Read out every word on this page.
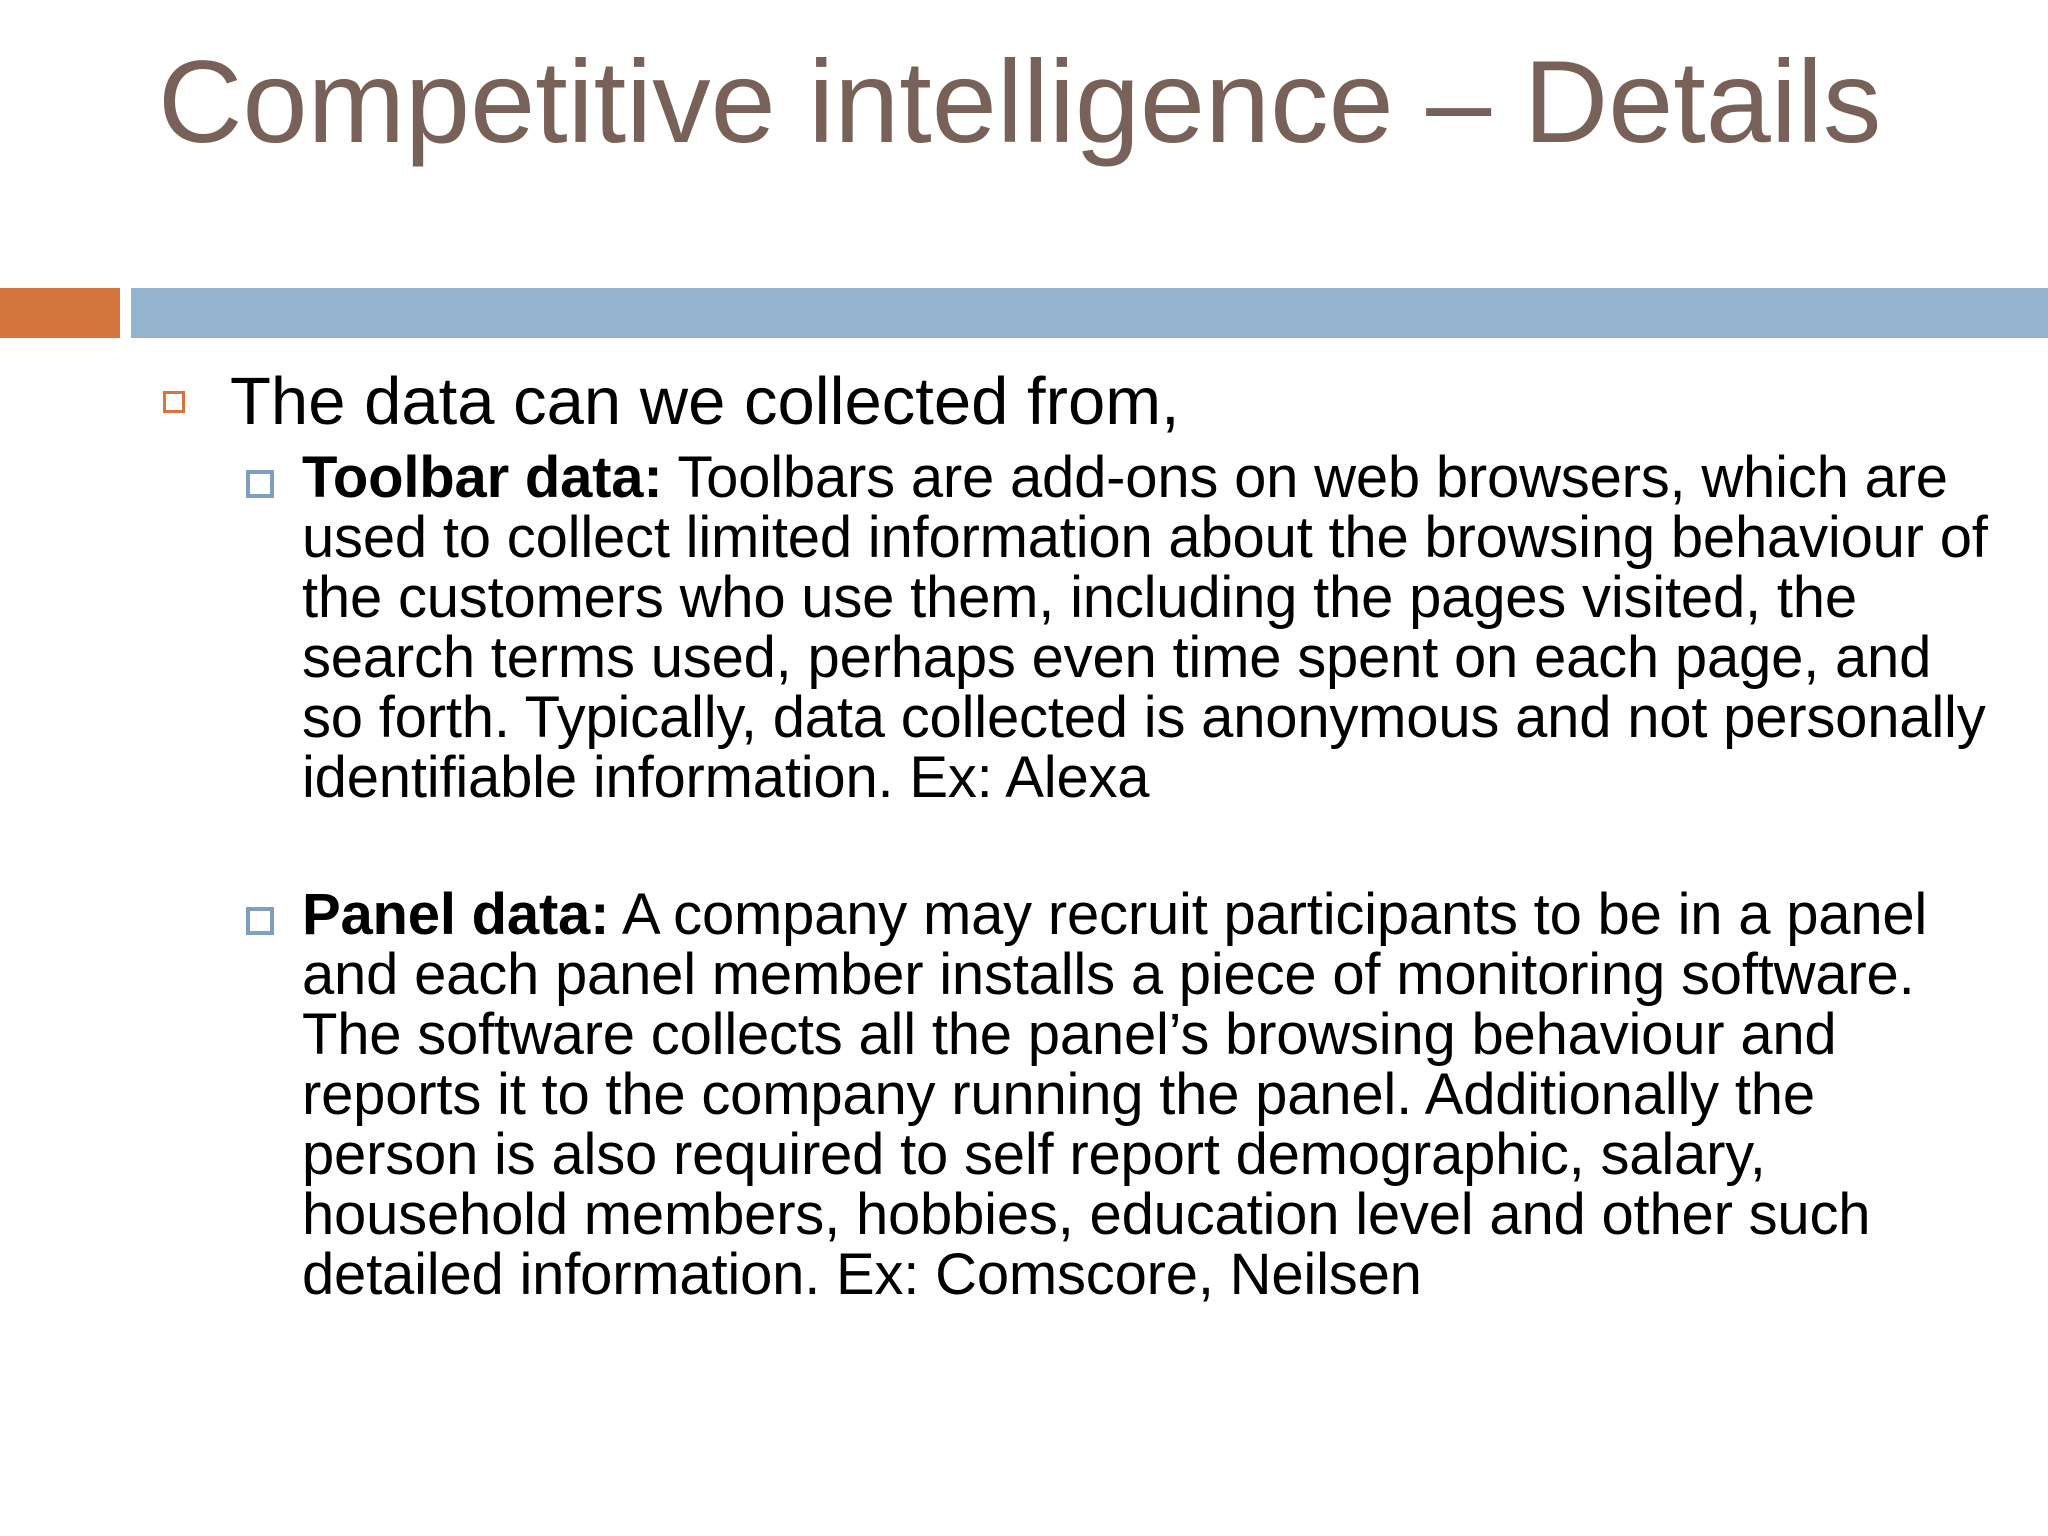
Competitive intelligence – Details

The data can we collected from,

Toolbar data: Toolbars are add-ons on web browsers, which are used to collect limited information about the browsing behaviour of the customers who use them, including the pages visited, the search terms used, perhaps even time spent on each page, and so forth. Typically, data collected is anonymous and not personally identifiable information. Ex: Alexa

Panel data: A company may recruit participants to be in a panel and each panel member installs a piece of monitoring software. The software collects all the panel’s browsing behaviour and reports it to the company running the panel. Additionally the person is also required to self report demographic, salary, household members, hobbies, education level and other such detailed information. Ex: Comscore, Neilsen
